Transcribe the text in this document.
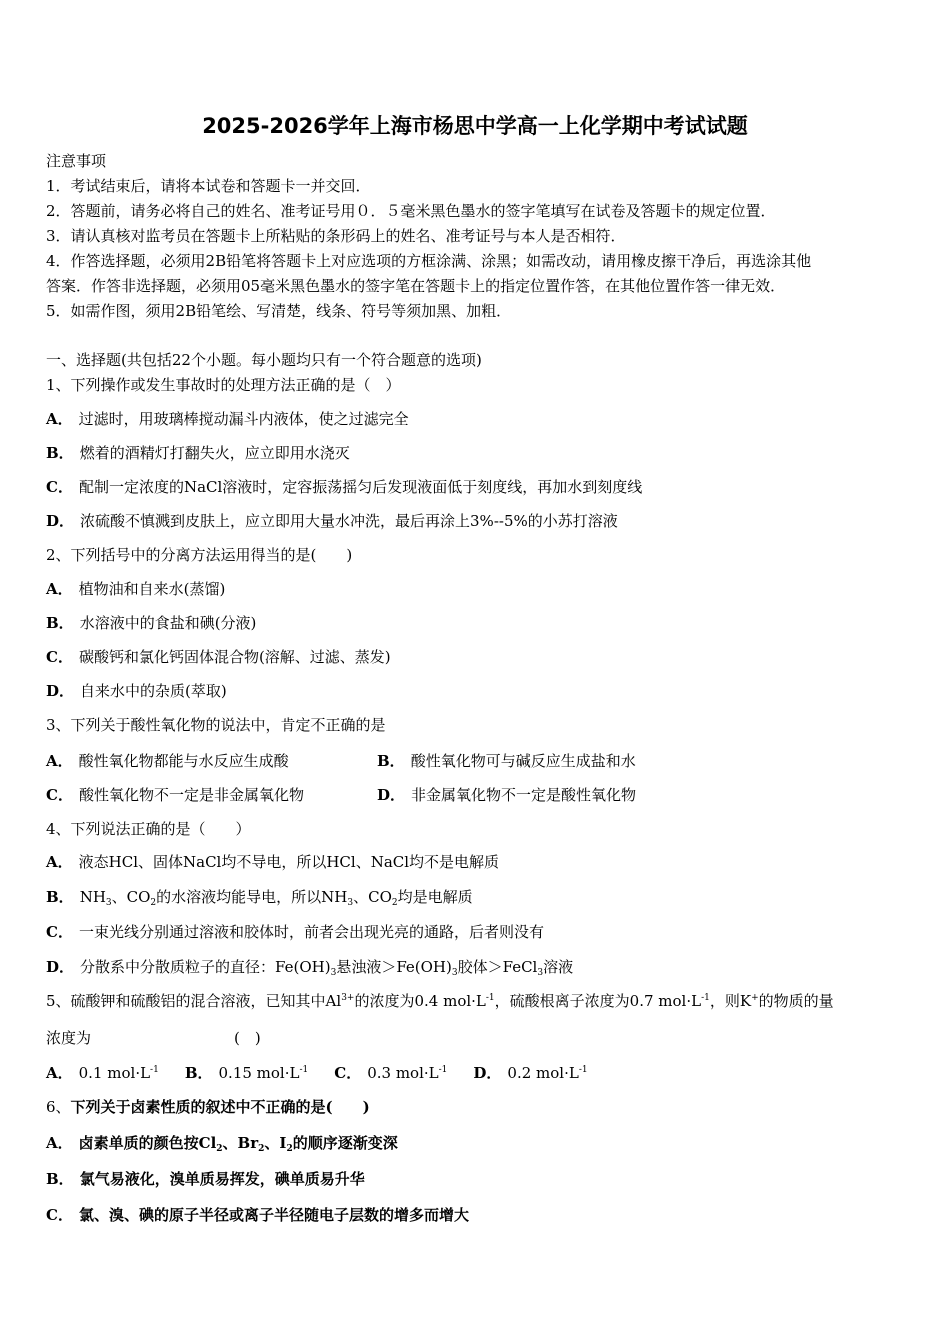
2025-2026学年上海市杨思中学高一上化学期中考试试题
注意事项
1．考试结束后，请将本试卷和答题卡一并交回．
2．答题前，请务必将自己的姓名、准考证号用０．５毫米黑色墨水的签字笔填写在试卷及答题卡的规定位置．
3．请认真核对监考员在答题卡上所粘贴的条形码上的姓名、准考证号与本人是否相符．
4．作答选择题，必须用2B铅笔将答题卡上对应选项的方框涂满、涂黑；如需改动，请用橡皮擦干净后，再选涂其他
答案．作答非选择题，必须用05毫米黑色墨水的签字笔在答题卡上的指定位置作答，在其他位置作答一律无效．
5．如需作图，须用2B铅笔绘、写清楚，线条、符号等须加黑、加粗．
一、选择题(共包括22个小题。每小题均只有一个符合题意的选项)
1、下列操作或发生事故时的处理方法正确的是（　）
A． 过滤时，用玻璃棒搅动漏斗内液体，使之过滤完全
B． 燃着的酒精灯打翻失火，应立即用水浇灭
C． 配制一定浓度的NaCl溶液时，定容振荡摇匀后发现液面低于刻度线，再加水到刻度线
D． 浓硫酸不慎溅到皮肤上，应立即用大量水冲洗，最后再涂上3%--5%的小苏打溶液
2、下列括号中的分离方法运用得当的是(　　)
A． 植物油和自来水(蒸馏)
B． 水溶液中的食盐和碘(分液)
C． 碳酸钙和氯化钙固体混合物(溶解、过滤、蒸发)
D． 自来水中的杂质(萃取)
3、下列关于酸性氧化物的说法中，肯定不正确的是
A． 酸性氧化物都能与水反应生成酸	B． 酸性氧化物可与碱反应生成盐和水
C． 酸性氧化物不一定是非金属氧化物	D． 非金属氧化物不一定是酸性氧化物
4、下列说法正确的是（　　）
A． 液态HCl、固体NaCl均不导电，所以HCl、NaCl均不是电解质
B． $NH_3$、$CO_2$的水溶液均能导电，所以$NH_3$、$CO_2$均是电解质
C． 一束光线分别通过溶液和胶体时，前者会出现光亮的通路，后者则没有
D． 分散系中分散质粒子的直径：$Fe(OH)_3$悬浊液$>Fe(OH)_3$胶体＞FeCl$_3$溶液
5、硫酸钾和硫酸铝的混合溶液，已知其中$Al^{3+}$的浓度为0.4 $mol\cdot L^{-1}$，硫酸根离子浓度为0.7 $mol\cdot L^{-1}$，则K+的物质的量
浓度为	(　)
A． 0.1 $mol\cdot L^{-1}$ B． 0.15 $mol\cdot L^{-1}$ C． 0.3 $mol\cdot L^{-1}$ D． 0.2 $mol\cdot L^{-1}$
6、下列关于卤素性质的叙述中不正确的是(　　)
A． 卤素单质的颜色按$Cl_2$、$Br_2$、$I_2$的顺序逐渐变深
B． 氯气易液化，溴单质易挥发，碘单质易升华
C． 氯、溴、碘的原子半径或离子半径随电子层数的增多而增大
